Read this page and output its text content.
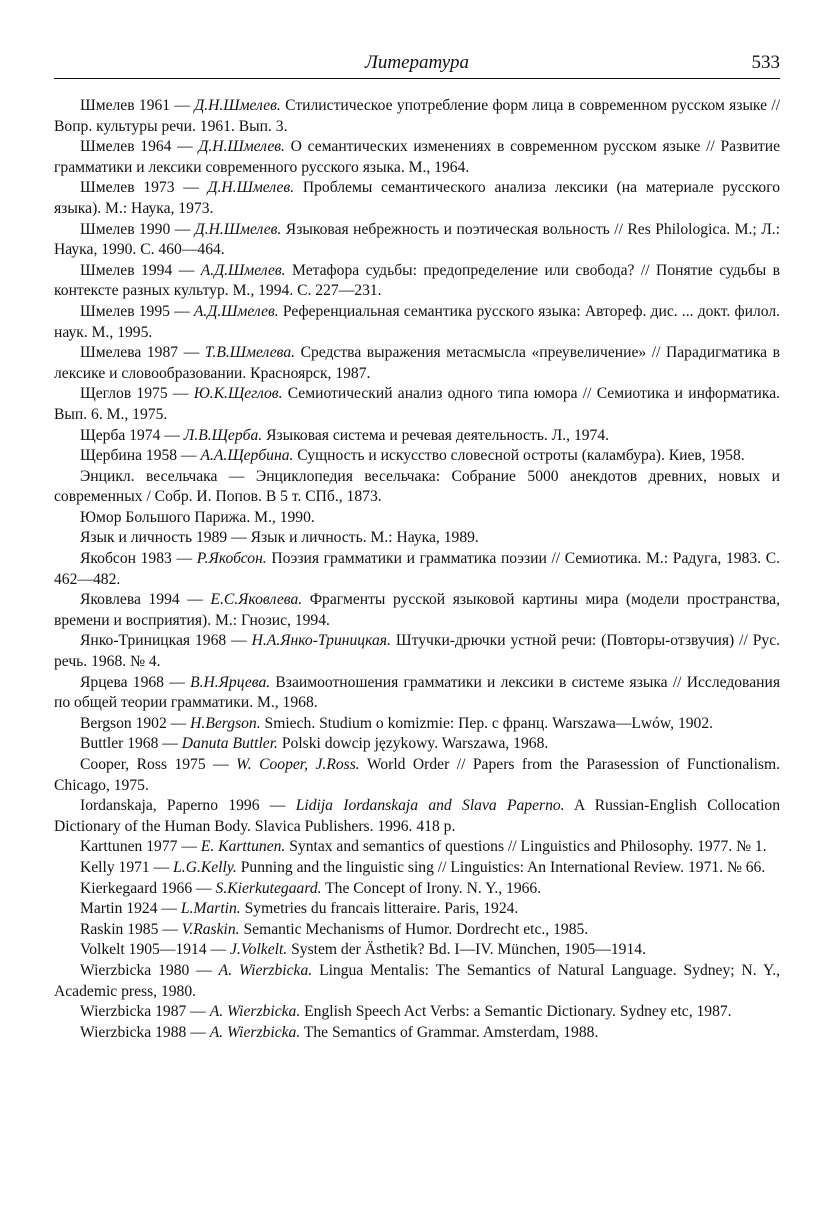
Литература	533

Шмелев 1961 — Д.Н.Шмелев. Стилистическое употребление форм лица в современном русском языке // Вопр. культуры речи. 1961. Вып. 3.

Шмелев 1964 — Д.Н.Шмелев. О семантических изменениях в современном русском языке // Развитие грамматики и лексики современного русского языка. М., 1964.

Шмелев 1973 — Д.Н.Шмелев. Проблемы семантического анализа лексики (на материале русского языка). М.: Наука, 1973.

Шмелев 1990 — Д.Н.Шмелев. Языковая небрежность и поэтическая вольность // Res Philologica. М.; Л.: Наука, 1990. С. 460—464.

Шмелев 1994 — А.Д.Шмелев. Метафора судьбы: предопределение или свобода? // Понятие судьбы в контексте разных культур. М., 1994. С. 227—231.

Шмелев 1995 — А.Д.Шмелев. Референциальная семантика русского языка: Автореф. дис. ... докт. филол. наук. М., 1995.

Шмелева 1987 — Т.В.Шмелева. Средства выражения метасмысла «преувеличение» // Парадигматика в лексике и словообразовании. Красноярск, 1987.

Щеглов 1975 — Ю.К.Щеглов. Семиотический анализ одного типа юмора // Семиотика и информатика. Вып. 6. М., 1975.

Щерба 1974 — Л.В.Щерба. Языковая система и речевая деятельность. Л., 1974.

Щербина 1958 — А.А.Щербина. Сущность и искусство словесной остроты (каламбура). Киев, 1958.

Энцикл. весельчака — Энциклопедия весельчака: Собрание 5000 анекдотов древних, новых и современных / Собр. И. Попов. В 5 т. СПб., 1873.

Юмор Большого Парижа. М., 1990.

Язык и личность 1989 — Язык и личность. М.: Наука, 1989.

Якобсон 1983 — Р.Якобсон. Поэзия грамматики и грамматика поэзии // Семиотика. М.: Радуга, 1983. С. 462—482.

Яковлева 1994 — Е.С.Яковлева. Фрагменты русской языковой картины мира (модели пространства, времени и восприятия). М.: Гнозис, 1994.

Янко-Триницкая 1968 — Н.А.Янко-Триницкая. Штучки-дрючки устной речи: (Повторы-отзвучия) // Рус. речь. 1968. № 4.

Ярцева 1968 — В.Н.Ярцева. Взаимоотношения грамматики и лексики в системе языка // Исследования по общей теории грамматики. М., 1968.

Bergson 1902 — H.Bergson. Smiech. Studium o komizmie: Пер. с франц. Warszawa—Lwów, 1902.

Buttler 1968 — Danuta Buttler. Polski dowcip językowy. Warszawa, 1968.

Cooper, Ross 1975 — W. Cooper, J.Ross. World Order // Papers from the Parasession of Functionalism. Chicago, 1975.

Iordanskaja, Paperno 1996 — Lidija Iordanskaja and Slava Paperno. A Russian-English Collocation Dictionary of the Human Body. Slavica Publishers. 1996. 418 p.

Karttunen 1977 — E. Karttunen. Syntax and semantics of questions // Linguistics and Philosophy. 1977. № 1.

Kelly 1971 — L.G.Kelly. Punning and the linguistic sing // Linguistics: An International Review. 1971. № 66.

Kierkegaard 1966 — S.Kierkutegaard. The Concept of Irony. N. Y., 1966.

Martin 1924 — L.Martin. Symetries du francais litteraire. Paris, 1924.

Raskin 1985 — V.Raskin. Semantic Mechanisms of Humor. Dordrecht etc., 1985.

Volkelt 1905—1914 — J.Volkelt. System der Ästhetik? Bd. I—IV. München, 1905—1914.

Wierzbicka 1980 — A. Wierzbicka. Lingua Mentalis: The Semantics of Natural Language. Sydney; N. Y., Academic press, 1980.

Wierzbicka 1987 — A. Wierzbicka. English Speech Act Verbs: a Semantic Dictionary. Sydney etc, 1987.

Wierzbicka 1988 — A. Wierzbicka. The Semantics of Grammar. Amsterdam, 1988.
